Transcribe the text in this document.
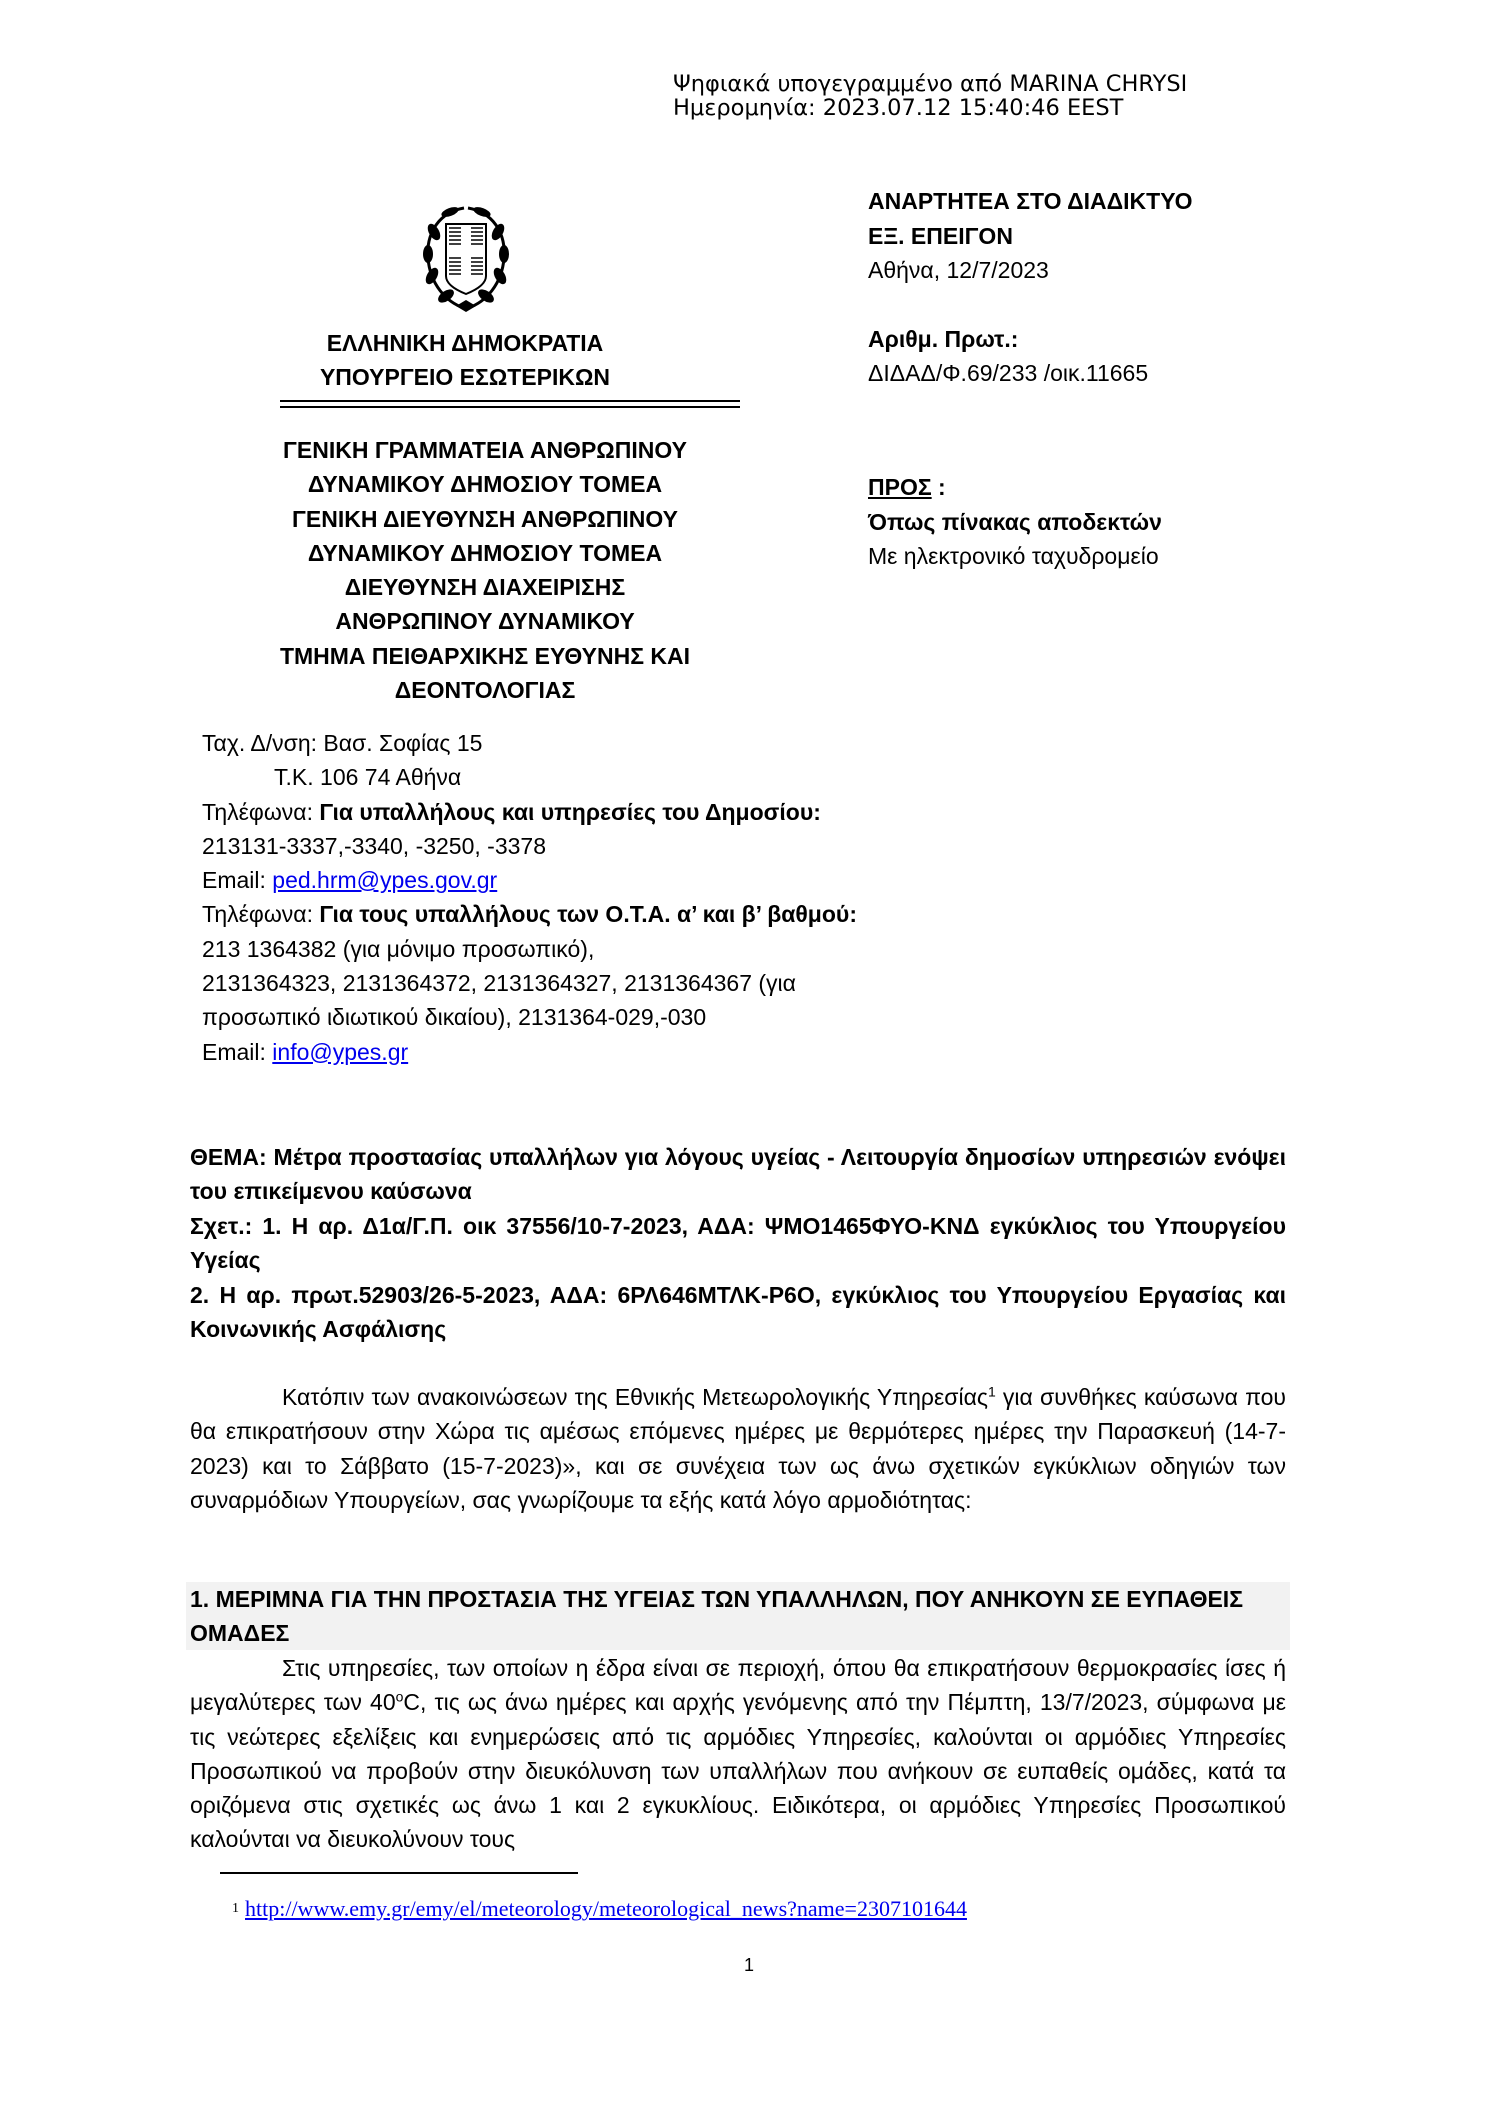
Ψηφιακά υπογεγραμμένο από MARINA CHRYSI
Ημερομηνία: 2023.07.12 15:40:46 EEST
ΕΛΛΗΝΙΚΗ ΔΗΜΟΚΡΑΤΙΑ
ΥΠΟΥΡΓΕΙΟ ΕΣΩΤΕΡΙΚΩΝ
ΓΕΝΙΚΗ ΓΡΑΜΜΑΤΕΙΑ ΑΝΘΡΩΠΙΝΟΥ
ΔΥΝΑΜΙΚΟΥ ΔΗΜΟΣΙΟΥ ΤΟΜΕΑ
ΓΕΝΙΚΗ ΔΙΕΥΘΥΝΣΗ ΑΝΘΡΩΠΙΝΟΥ
ΔΥΝΑΜΙΚΟΥ ΔΗΜΟΣΙΟΥ ΤΟΜΕΑ
ΔΙΕΥΘΥΝΣΗ ΔΙΑΧΕΙΡΙΣΗΣ
ΑΝΘΡΩΠΙΝΟΥ ΔΥΝΑΜΙΚΟΥ
ΤΜΗΜΑ ΠΕΙΘΑΡΧΙΚΗΣ ΕΥΘΥΝΗΣ ΚΑΙ
ΔΕΟΝΤΟΛΟΓΙΑΣ
ΑΝΑΡΤΗΤΕΑ ΣΤΟ ΔΙΑΔΙΚΤΥΟ
ΕΞ. ΕΠΕΙΓΟΝ
Αθήνα, 12/7/2023
Αριθμ. Πρωτ.:
ΔΙΔΑΔ/Φ.69/233 /οικ.11665
ΠΡΟΣ :
Όπως πίνακας αποδεκτών
Με ηλεκτρονικό ταχυδρομείο
Ταχ. Δ/νση: Βασ. Σοφίας 15
Τ.Κ. 106 74 Αθήνα
Τηλέφωνα: Για υπαλλήλους και υπηρεσίες του Δημοσίου:
213131-3337,-3340, -3250, -3378
Email: ped.hrm@ypes.gov.gr
Τηλέφωνα: Για τους υπαλλήλους των Ο.Τ.Α. α’ και β’ βαθμού:
213 1364382 (για μόνιμο προσωπικό),
2131364323, 2131364372, 2131364327, 2131364367 (για
προσωπικό ιδιωτικού δικαίου), 2131364-029,-030
Email: info@ypes.gr
ΘΕΜΑ: Μέτρα προστασίας υπαλλήλων για λόγους υγείας - Λειτουργία δημοσίων υπηρεσιών ενόψει του επικείμενου καύσωνα
Σχετ.: 1. Η αρ. Δ1α/Γ.Π. οικ 37556/10-7-2023, ΑΔΑ: ΨΜΟ1465ΦΥΟ-ΚΝΔ εγκύκλιος του Υπουργείου Υγείας
2. Η αρ. πρωτ.52903/26-5-2023, ΑΔΑ: 6ΡΛ646ΜΤΛΚ-Ρ6Ο, εγκύκλιος του Υπουργείου Εργασίας και Κοινωνικής Ασφάλισης

Κατόπιν των ανακοινώσεων της Εθνικής Μετεωρολογικής Υπηρεσίας$^1$ για συνθήκες καύσωνα που θα επικρατήσουν στην Χώρα τις αμέσως επόμενες ημέρες με θερμότερες ημέρες την Παρασκευή (14-7-2023) και το Σάββατο (15-7-2023)», και σε συνέχεια των ως άνω σχετικών εγκύκλιων οδηγιών των συναρμόδιων Υπουργείων, σας γνωρίζουμε τα εξής κατά λόγο αρμοδιότητας:

1. ΜΕΡΙΜΝΑ ΓΙΑ ΤΗΝ ΠΡΟΣΤΑΣΙΑ ΤΗΣ ΥΓΕΙΑΣ ΤΩΝ ΥΠΑΛΛΗΛΩΝ, ΠΟΥ ΑΝΗΚΟΥΝ ΣΕ ΕΥΠΑΘΕΙΣ ΟΜΑΔΕΣ

Στις υπηρεσίες, των οποίων η έδρα είναι σε περιοχή, όπου θα επικρατήσουν θερμοκρασίες ίσες ή μεγαλύτερες των 40$^o$C, τις ως άνω ημέρες και αρχής γενόμενης από την Πέμπτη, 13/7/2023, σύμφωνα με τις νεώτερες εξελίξεις και ενημερώσεις από τις αρμόδιες Υπηρεσίες, καλούνται οι αρμόδιες Υπηρεσίες Προσωπικού να προβούν στην διευκόλυνση των υπαλλήλων που ανήκουν σε ευπαθείς ομάδες, κατά τα οριζόμενα στις σχετικές ως άνω 1 και 2 εγκυκλίους. Ειδικότερα, οι αρμόδιες Υπηρεσίες Προσωπικού καλούνται να διευκολύνουν τους

$^1$ http://www.emy.gr/emy/el/meteorology/meteorological_news?name=2307101644
1
